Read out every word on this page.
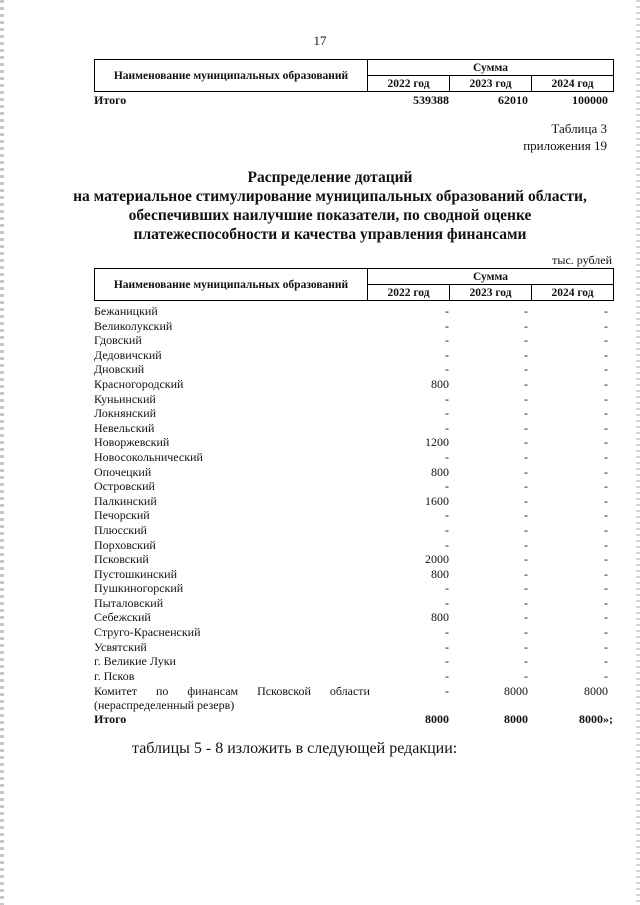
17
Наименование муниципальных образований	Сумма		
	2022 год	2023 год	2024 год
Итого	539388	62010	100000
Таблица 3
приложения 19
Распределение дотаций
на материальное стимулирование муниципальных образований области,
обеспечивших наилучшие показатели, по сводной оценке
платежеспособности и качества управления финансами
тыс. рублей
Наименование муниципальных образований	Сумма		
	2022 год	2023 год	2024 год
Бежаницкий	-	-	-
Великолукский	-	-	-
Гдовский	-	-	-
Дедовичский	-	-	-
Дновский	-	-	-
Красногородский	800	-	-
Куньинский	-	-	-
Локнянский	-	-	-
Невельский	-	-	-
Новоржевский	1200	-	-
Новосокольнический	-	-	-
Опочецкий	800	-	-
Островский	-	-	-
Палкинский	1600	-	-
Печорский	-	-	-
Плюсский	-	-	-
Порховский	-	-	-
Псковский	2000	-	-
Пустошкинский	800	-	-
Пушкиногорский	-	-	-
Пыталовский	-	-	-
Себежский	800	-	-
Струго-Красненский	-	-	-
Усвятский	-	-	-
г. Великие Луки	-	-	-
г. Псков	-	-	-
Комитет по финансам Псковской области
(нераспределенный резерв)
-	8000	8000
Итого	8000	8000	8000»;
таблицы 5 - 8 изложить в следующей редакции:
